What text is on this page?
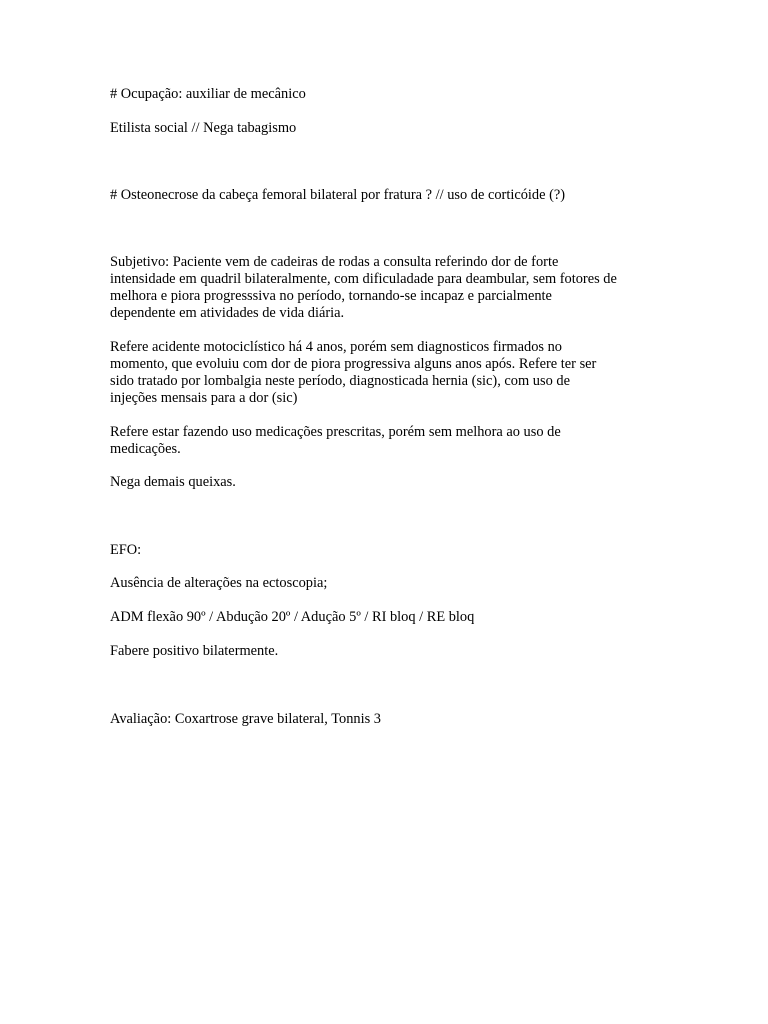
# Ocupação: auxiliar de mecânico

Etilista social // Nega tabagismo

# Osteonecrose da cabeça femoral bilateral por fratura ? // uso de corticóide (?)

Subjetivo: Paciente vem de cadeiras de rodas a consulta referindo dor de forte
intensidade em quadril bilateralmente, com dificuladade para deambular, sem fotores de
melhora e piora progresssiva no período, tornando-se incapaz e parcialmente
dependente em atividades de vida diária.
Refere acidente motociclístico há 4 anos, porém sem diagnosticos firmados no
momento, que evoluiu com dor de piora progressiva alguns anos após. Refere ter ser
sido tratado por lombalgia neste período, diagnosticada hernia (sic), com uso de
injeções mensais para a dor (sic)
Refere estar fazendo uso medicações prescritas, porém sem melhora ao uso de
medicações.

Nega demais queixas.

EFO:

Ausência de alterações na ectoscopia;

ADM flexão 90º / Abdução 20º / Adução 5º / RI bloq / RE bloq

Fabere positivo bilatermente.

Avaliação: Coxartrose grave bilateral, Tonnis 3
